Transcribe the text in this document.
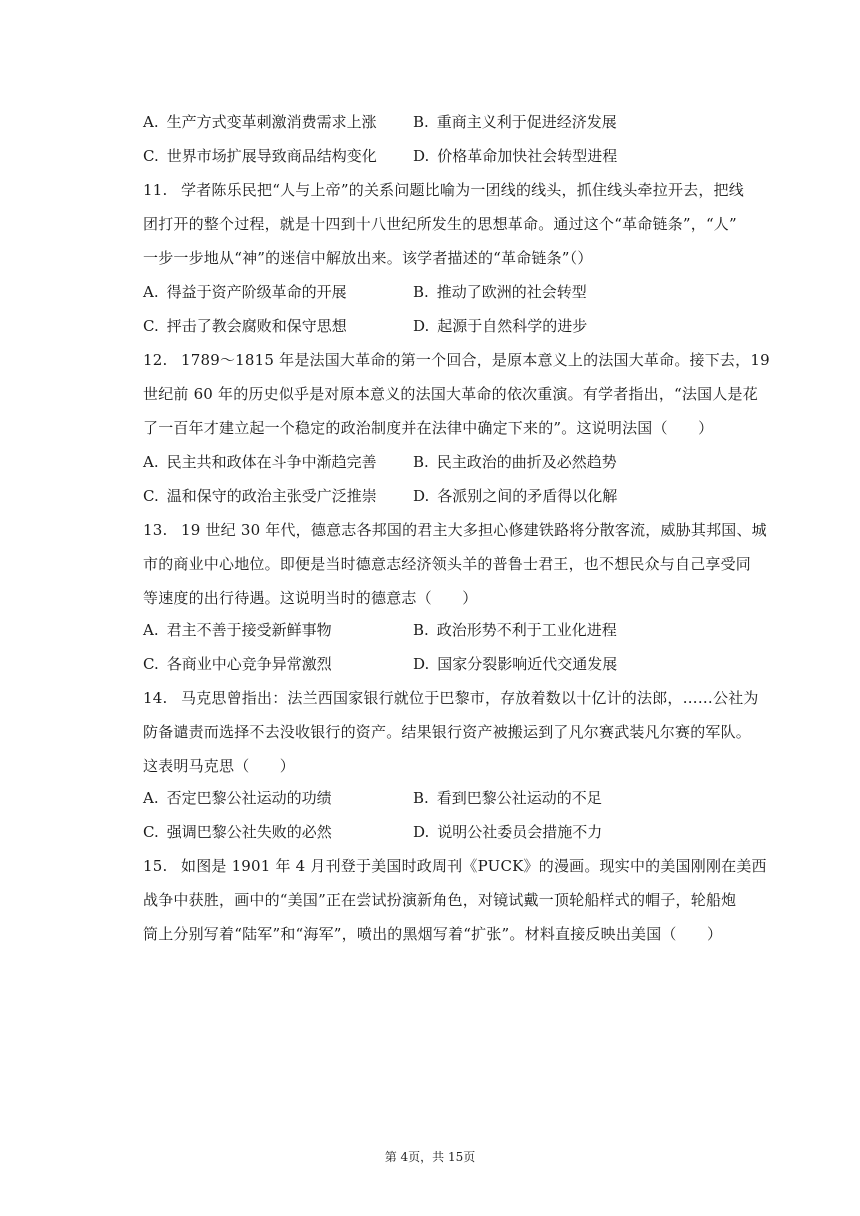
A. 生产方式变革刺激消费需求上涨 B. 重商主义利于促进经济发展
C. 世界市场扩展导致商品结构变化 D. 价格革命加快社会转型进程
11. 学者陈乐民把“人与上帝”的关系问题比喻为一团线的线头，抓住线头牵拉开去，把线
团打开的整个过程，就是十四到十八世纪所发生的思想革命。通过这个“革命链条”，“人”
一步一步地从“神”的迷信中解放出来。该学者描述的“革命链条”（）
A. 得益于资产阶级革命的开展	B. 推动了欧洲的社会转型
C. 抨击了教会腐败和保守思想	D. 起源于自然科学的进步
12. 1789～1815 年是法国大革命的第一个回合，是原本意义上的法国大革命。接下去，19
世纪前 60 年的历史似乎是对原本意义的法国大革命的依次重演。有学者指出，“法国人是花
了一百年才建立起一个稳定的政治制度并在法律中确定下来的”。这说明法国（　　）
A. 民主共和政体在斗争中渐趋完善 B. 民主政治的曲折及必然趋势
C. 温和保守的政治主张受广泛推崇 D. 各派别之间的矛盾得以化解
13. 19 世纪 30 年代，德意志各邦国的君主大多担心修建铁路将分散客流，威胁其邦国、城
市的商业中心地位。即便是当时德意志经济领头羊的普鲁士君王，也不想民众与自己享受同
等速度的出行待遇。这说明当时的德意志（　　）
A. 君主不善于接受新鲜事物	B. 政治形势不利于工业化进程
C. 各商业中心竞争异常激烈	D. 国家分裂影响近代交通发展
14. 马克思曾指出：法兰西国家银行就位于巴黎市，存放着数以十亿计的法郎，……公社为
防备谴责而选择不去没收银行的资产。结果银行资产被搬运到了凡尔赛武装凡尔赛的军队。
这表明马克思（　　）
A. 否定巴黎公社运动的功绩	B. 看到巴黎公社运动的不足
C. 强调巴黎公社失败的必然	D. 说明公社委员会措施不力
15. 如图是 1901 年 4 月刊登于美国时政周刊《PUCK》的漫画。现实中的美国刚刚在美西
战争中获胜，画中的“美国”正在尝试扮演新角色，对镜试戴一顶轮船样式的帽子，轮船炮
筒上分别写着“陆军”和“海军”，喷出的黑烟写着“扩张”。材料直接反映出美国（　　）
第 4页，共 15页
